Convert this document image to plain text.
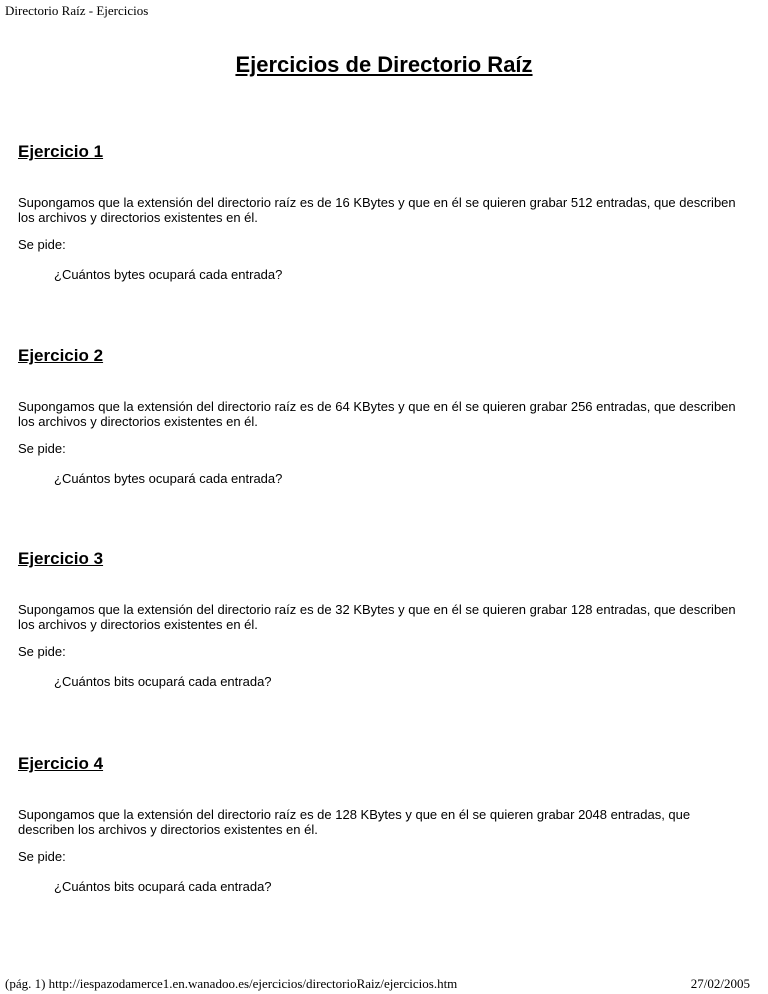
Directorio Raíz - Ejercicios
Ejercicios de Directorio Raíz
Ejercicio 1

Supongamos que la extensión del directorio raíz es de 16 KBytes y que en él se quieren grabar 512 entradas, que describen los archivos y directorios existentes en él.

Se pide:

¿Cuántos bytes ocupará cada entrada?

Ejercicio 2

Supongamos que la extensión del directorio raíz es de 64 KBytes y que en él se quieren grabar 256 entradas, que describen los archivos y directorios existentes en él.

Se pide:

¿Cuántos bytes ocupará cada entrada?

Ejercicio 3

Supongamos que la extensión del directorio raíz es de 32 KBytes y que en él se quieren grabar 128 entradas, que describen los archivos y directorios existentes en él.

Se pide:

¿Cuántos bits ocupará cada entrada?

Ejercicio 4

Supongamos que la extensión del directorio raíz es de 128 KBytes y que en él se quieren grabar 2048 entradas, que describen los archivos y directorios existentes en él.

Se pide:

¿Cuántos bits ocupará cada entrada?

(pág. 1) http://iespazodamerce1.en.wanadoo.es/ejercicios/directorioRaiz/ejercicios.htm	27/02/2005
